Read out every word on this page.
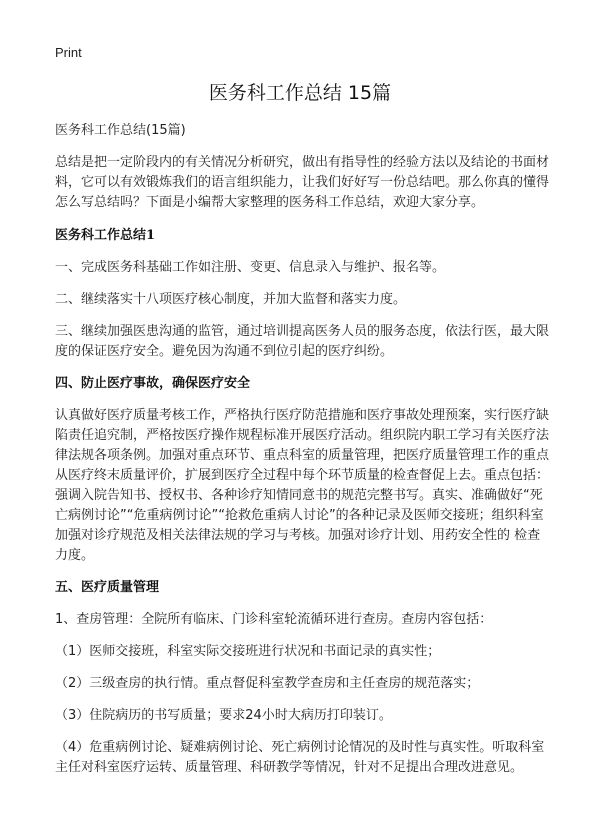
Print
医务科工作总结 15篇

医务科工作总结(15篇)

总结是把一定阶段内的有关情况分析研究，做出有指导性的经验方法以及结论的书面材料，它可以有效锻炼我们的语言组织能力，让我们好好写一份总结吧。那么你真的懂得怎么写总结吗？下面是小编帮大家整理的医务科工作总结，欢迎大家分享。

医务科工作总结1

一、完成医务科基础工作如注册、变更、信息录入与维护、报名等。

二、继续落实十八项医疗核心制度，并加大监督和落实力度。

三、继续加强医患沟通的监管，通过培训提高医务人员的服务态度，依法行医，最大限度的保证医疗安全。避免因为沟通不到位引起的医疗纠纷。

四、防止医疗事故，确保医疗安全

认真做好医疗质量考核工作，严格执行医疗防范措施和医疗事故处理预案，实行医疗缺陷责任追究制，严格按医疗操作规程标准开展医疗活动。组织院内职工学习有关医疗法律法规各项条例。加强对重点环节、重点科室的质量管理，把医疗质量管理工作的重点从医疗终末质量评价，扩展到医疗全过程中每个环节质量的检查督促上去。重点包括：强调入院告知书、授权书、各种诊疗知情同意书的规范完整书写。真实、准确做好“死亡病例讨论”“危重病例讨论”“抢救危重病人讨论”的各种记录及医师交接班；组织科室加强对诊疗规范及相关法律法规的学习与考核。加强对诊疗计划、用药安全性的 检查力度。

五、医疗质量管理

1、查房管理：全院所有临床、门诊科室轮流循环进行查房。查房内容包括：

（1）医师交接班，科室实际交接班进行状况和书面记录的真实性；

（2）三级查房的执行情。重点督促科室教学查房和主任查房的规范落实；

（3）住院病历的书写质量；要求24小时大病历打印装订。

（4）危重病例讨论、疑难病例讨论、死亡病例讨论情况的及时性与真实性。听取科室主任对科室医疗运转、质量管理、科研教学等情况，针对不足提出合理改进意见。
